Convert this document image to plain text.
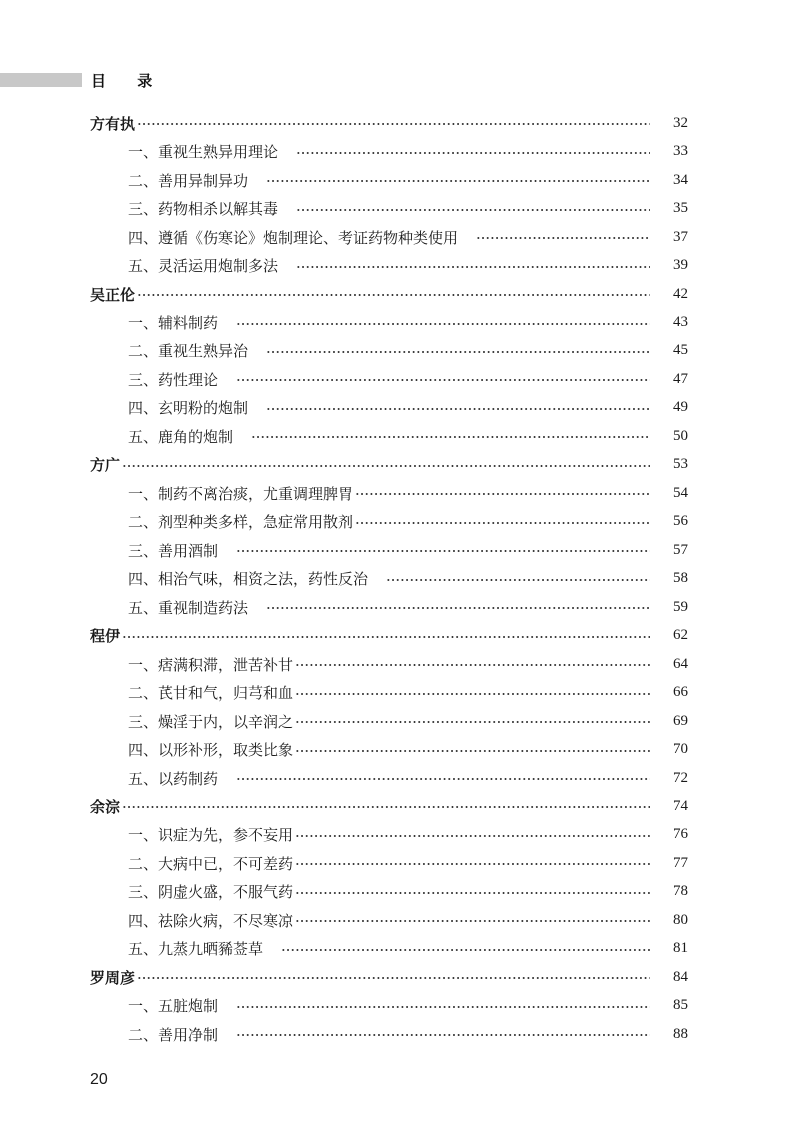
目 录
方有执	32
一、重视生熟异用理论	33
二、善用异制异功	34
三、药物相杀以解其毒	35
四、遵循《伤寒论》炮制理论、考证药物种类使用	37
五、灵活运用炮制多法	39
吴正伦	42
一、辅料制药	43
二、重视生熟异治	45
三、药性理论	47
四、玄明粉的炮制	49
五、鹿角的炮制	50
方广	53
一、制药不离治痰，尤重调理脾胃	54
二、剂型种类多样，急症常用散剂	56
三、善用酒制	57
四、相治气味，相资之法，药性反治	58
五、重视制造药法	59
程伊	62
一、痞满积滞，泄苦补甘	64
二、芪甘和气，归芎和血	66
三、燥淫于内，以辛润之	69
四、以形补形，取类比象	70
五、以药制药	72
余淙	74
一、识症为先，参不妄用	76
二、大病中已，不可差药	77
三、阴虚火盛，不服气药	78
四、祛除火病，不尽寒凉	80
五、九蒸九晒豨莶草	81
罗周彦	84
一、五脏炮制	85
二、善用净制	88
20
